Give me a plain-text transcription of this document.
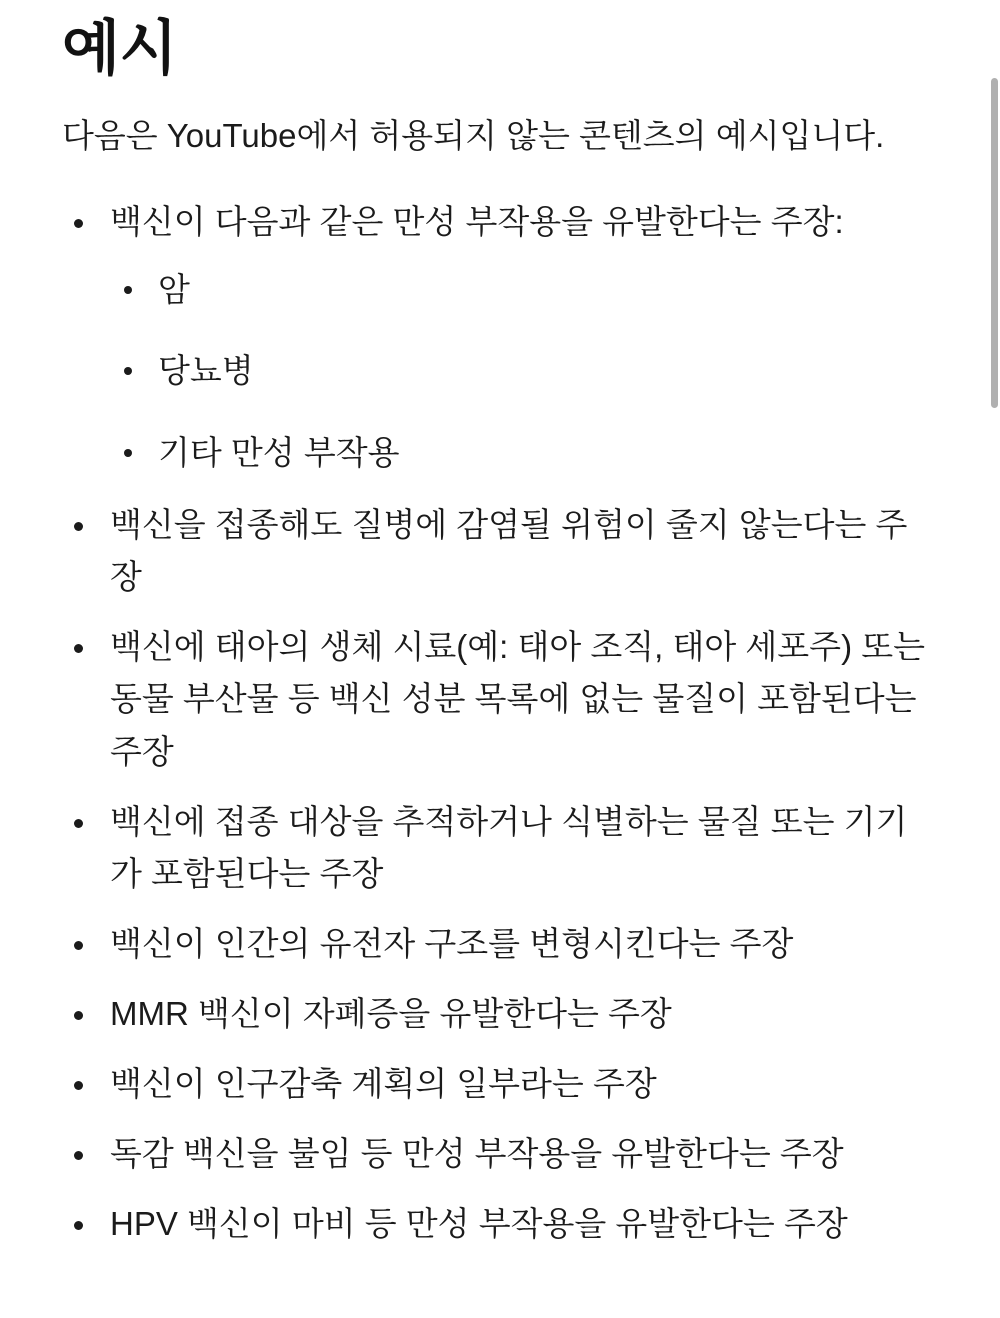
예시

다음은 YouTube에서 허용되지 않는 콘텐츠의 예시입니다.

백신이 다음과 같은 만성 부작용을 유발한다는 주장:
암
당뇨병
기타 만성 부작용
백신을 접종해도 질병에 감염될 위험이 줄지 않는다는 주장
백신에 태아의 생체 시료(예: 태아 조직, 태아 세포주) 또는 동물 부산물 등 백신 성분 목록에 없는 물질이 포함된다는 주장
백신에 접종 대상을 추적하거나 식별하는 물질 또는 기기가 포함된다는 주장
백신이 인간의 유전자 구조를 변형시킨다는 주장
MMR 백신이 자폐증을 유발한다는 주장
백신이 인구감축 계획의 일부라는 주장
독감 백신을 불임 등 만성 부작용을 유발한다는 주장
HPV 백신이 마비 등 만성 부작용을 유발한다는 주장
